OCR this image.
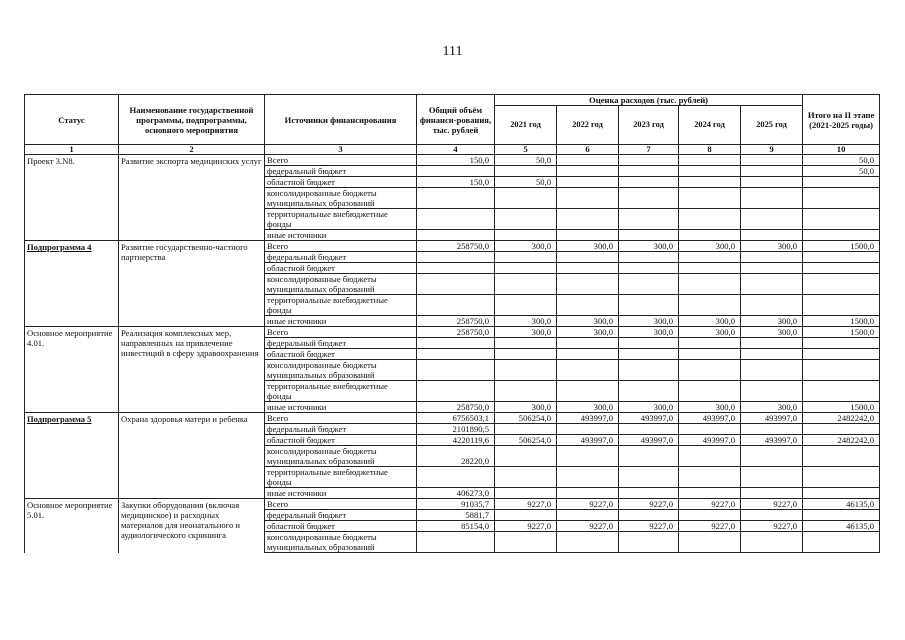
111
Статус	Наименование государственной программы, подпрограммы, основного мероприятия	Источники финансирования	Общий объём финанси-рования, тыс. рублей	Оценка расходов (тыс. рублей)					Итого на II этапе (2021-2025 годы)
				2021 год	2022 год	2023 год	2024 год	2025 год	
1	2	3	4	5	6	7	8	9	10
Проект 3.N8.	Развитие экспорта медицинских услуг	Всего	150,0	50,0					50,0
		федеральный бюджет							50,0
		областной бюджет	150,0	50,0					
		консолидированные бюджеты муниципальных образований							
		территориальные внебюджетные фонды							
		иные источники							
Подпрограмма 4	Развитие государственно-частного партнерства	Всего	258750,0	300,0	300,0	300,0	300,0	300,0	1500,0
		федеральный бюджет							
		областной бюджет							
		консолидированные бюджеты муниципальных образований							
		территориальные внебюджетные фонды							
		иные источники	258750,0	300,0	300,0	300,0	300,0	300,0	1500,0
Основное мероприятие 4.01.	Реализация комплексных мер, направленных на привлечение инвестиций в сферу здравоохранения	Всего	258750,0	300,0	300,0	300,0	300,0	300,0	1500,0
		федеральный бюджет							
		областной бюджет							
		консолидированные бюджеты муниципальных образований							
		территориальные внебюджетные фонды							
		иные источники	258750,0	300,0	300,0	300,0	300,0	300,0	1500,0
Подпрограмма 5	Охрана здоровья матери и ребенка	Всего	6756503,1	506254,0	493997,0	493997,0	493997,0	493997,0	2482242,0
		федеральный бюджет	2101890,5						
		областной бюджет	4220119,6	506254,0	493997,0	493997,0	493997,0	493997,0	2482242,0
		консолидированные бюджеты муниципальных образований	28220,0						
		территориальные внебюджетные фонды							
		иные источники	406273,0						
Основное мероприятие 5.01.	Закупки оборудования (включая медицинское) и расходных материалов для неонатального и аудиологического скрининга	Всего	91035,7	9227,0	9227,0	9227,0	9227,0	9227,0	46135,0
		федеральный бюджет	5881,7						
		областной бюджет	85154,0	9227,0	9227,0	9227,0	9227,0	9227,0	46135,0
		консолидированные бюджеты муниципальных образований							
